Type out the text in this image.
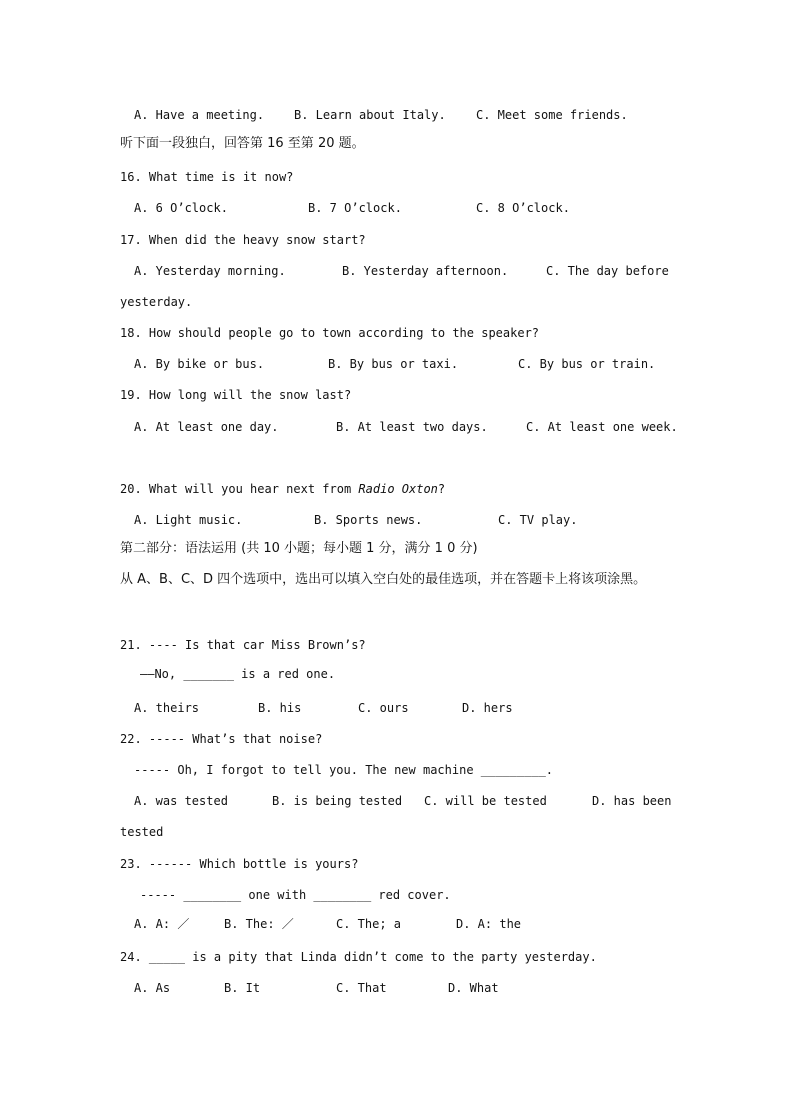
A. Have a meeting. B. Learn about Italy.	C. Meet some friends.
听下面一段独白，回答第 16 至第 20 题。
16. What time is it now?
A. 6 O’clock.	B. 7 O’clock.	C. 8 O’clock.
17. When did the heavy snow start?
A. Yesterday morning.	B. Yesterday afternoon.	C. The day before
yesterday.
18. How should people go to town according to the speaker?
A. By bike or bus.	B. By bus or taxi.	C. By bus or train.
19. How long will the snow last?
A. At least one day.	B. At least two days.	C. At least one week.
20. What will you hear next from Radio Oxton?
A. Light music.	B. Sports news.	C. TV play.
第二部分：语法运用 (共 10 小题；每小题 1 分，满分 1 0 分)
从 A、B、C、D 四个选项中，选出可以填入空白处的最佳选项，并在答题卡上将该项涂黑。
21. ---- Is that car Miss Brown’s?
——No, _______ is a red one.
A. theirs	B. his	C. ours	D. hers
22. ----- What’s that noise?
----- Oh, I forgot to tell you. The new machine _________.
A. was tested	B. is being tested C. will be tested	D. has been
tested
23. ------ Which bottle is yours?
----- ________ one with ________ red cover.
A. A: ／	B. The: ／	C. The; a	D. A: the
24. _____ is a pity that Linda didn’t come to the party yesterday.
A. As	B. It	C. That	D. What
